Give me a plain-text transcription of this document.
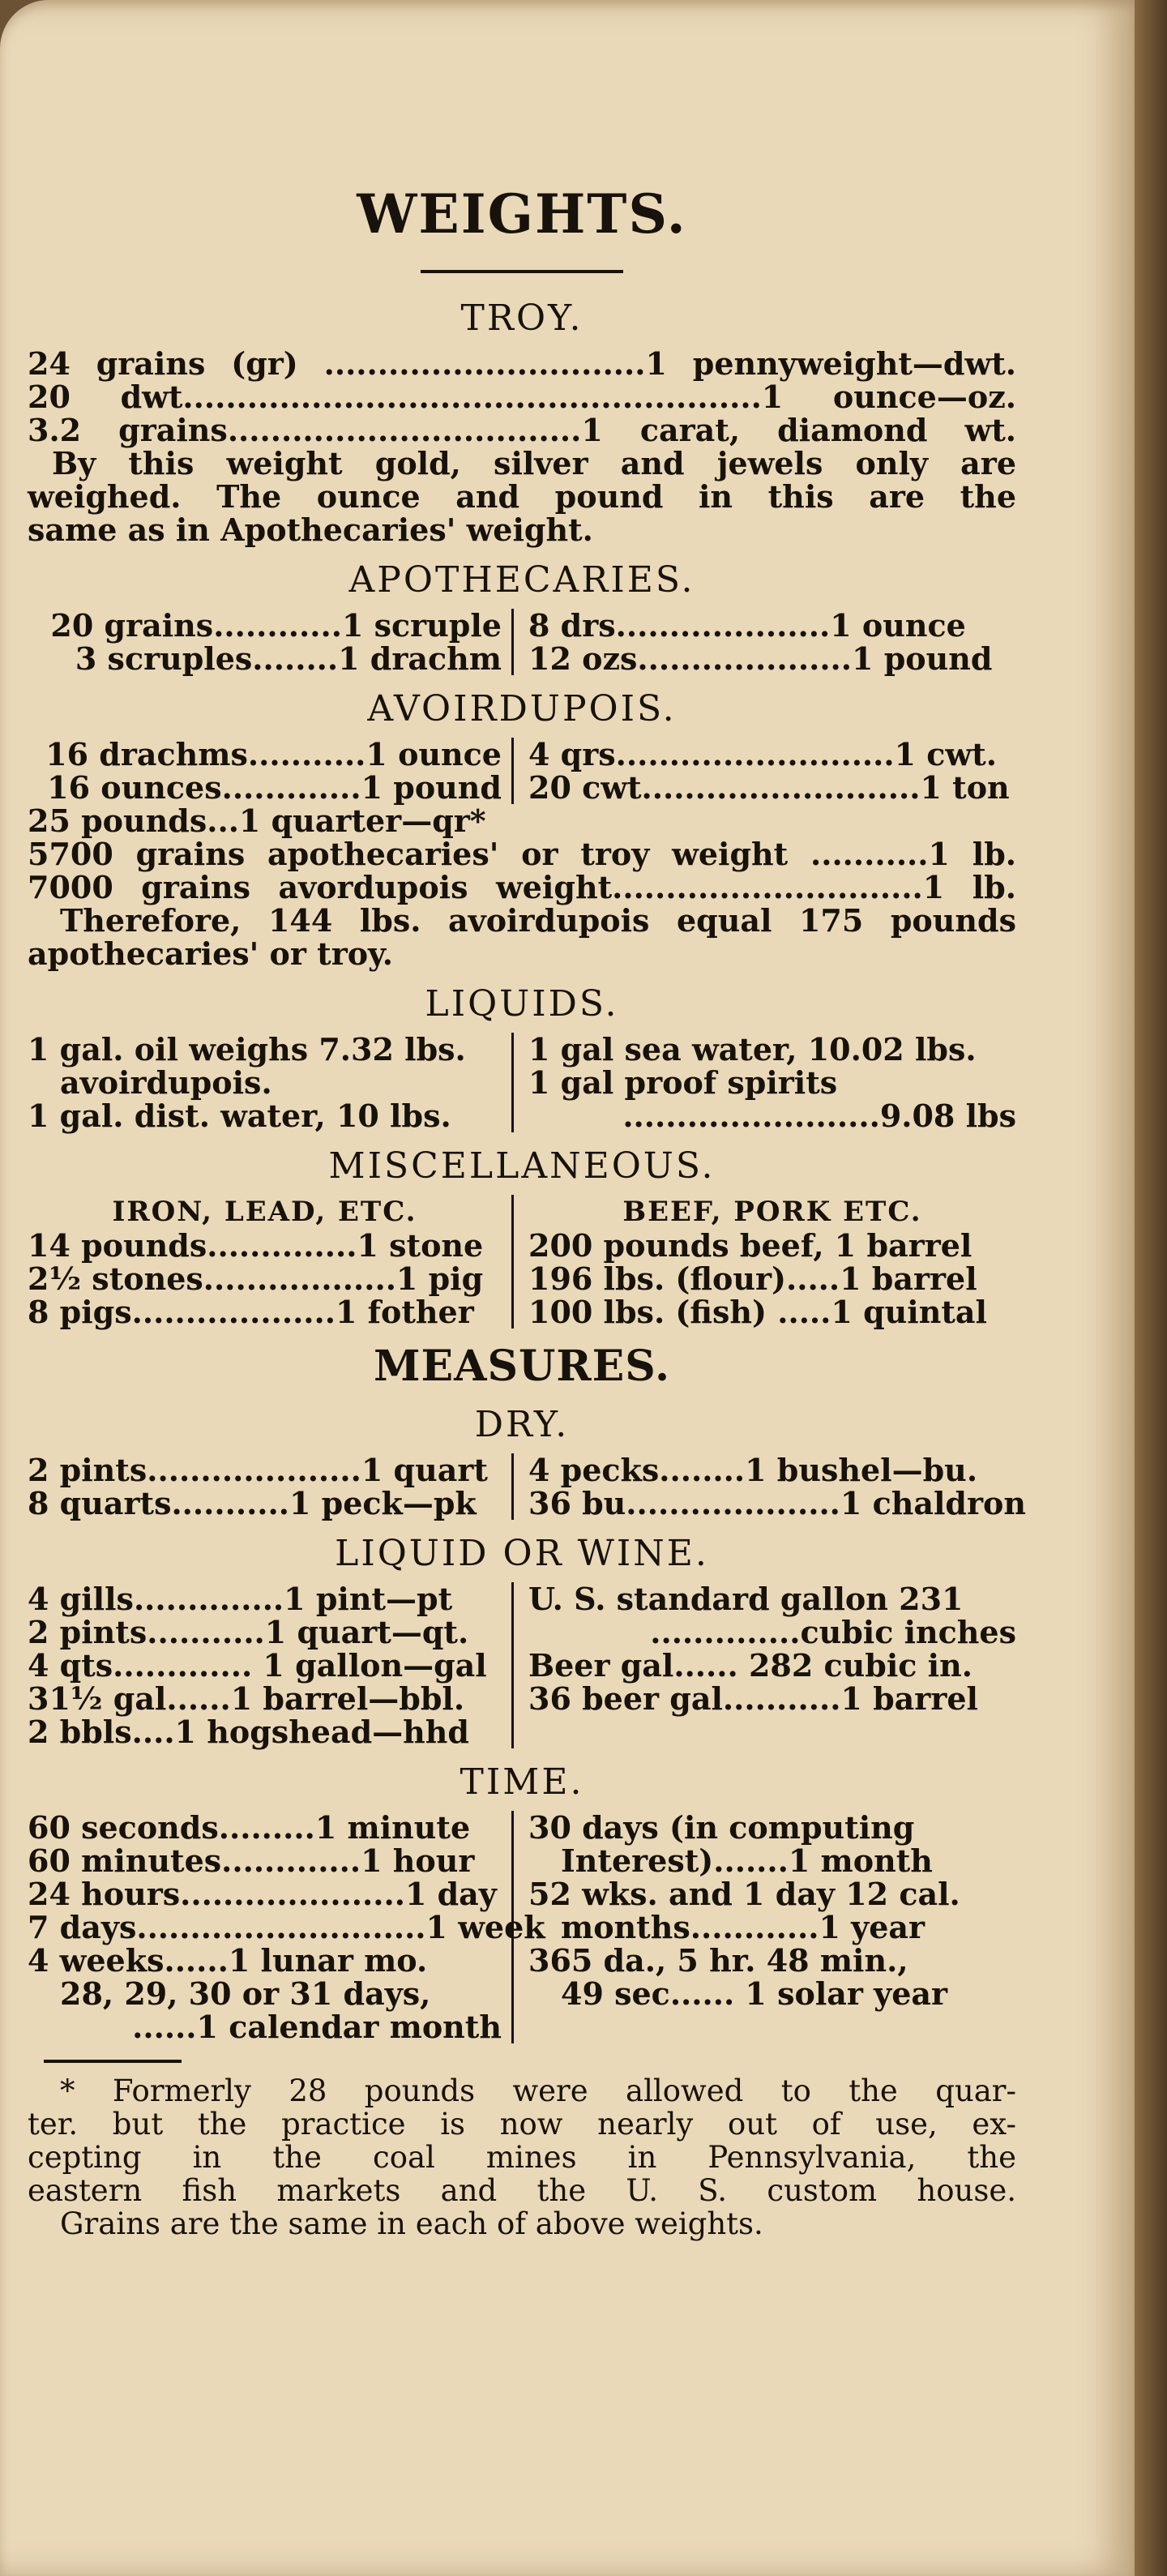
WEIGHTS.
TROY.
24 grains (gr) ..............................1 pennyweight—dwt.
20 dwt......................................................1 ounce—oz.
3.2 grains.................................1 carat, diamond wt.
By this weight gold, silver and jewels only are
weighed. The ounce and pound in this are the
same as in Apothecaries' weight.
APOTHECARIES.
20 grains............1 scruple
3 scruples........1 drachm
8 drs....................1 ounce
12 ozs....................1 pound
AVOIRDUPOIS.
16 drachms...........1 ounce
16 ounces.............1 pound
4 qrs..........................1 cwt.
20 cwt..........................1 ton
25 pounds...1 quarter—qr*
5700 grains apothecaries' or troy weight ...........1 lb.
7000 grains avordupois weight.............................1 lb.
Therefore, 144 lbs. avoirdupois equal 175 pounds
apothecaries' or troy.
LIQUIDS.
1 gal. oil weighs 7.32 lbs.
avoirdupois.
1 gal. dist. water, 10 lbs.
1 gal sea water, 10.02 lbs.
1 gal proof spirits
........................9.08 lbs
MISCELLANEOUS.
IRON, LEAD, ETC.
14 pounds..............1 stone
2½ stones..................1 pig
8 pigs...................1 fother
BEEF, PORK ETC.
200 pounds beef, 1 barrel
196 lbs. (flour).....1 barrel
100 lbs. (fish) .....1 quintal
MEASURES.
DRY.
2 pints....................1 quart
8 quarts...........1 peck—pk
4 pecks........1 bushel—bu.
36 bu....................1 chaldron
LIQUID OR WINE.
4 gills..............1 pint—pt
2 pints...........1 quart—qt.
4 qts............. 1 gallon—gal
31½ gal......1 barrel—bbl.
2 bbls....1 hogshead—hhd
U. S. standard gallon 231
..............cubic inches
Beer gal...... 282 cubic in.
36 beer gal...........1 barrel
TIME.
60 seconds.........1 minute
60 minutes.............1 hour
24 hours.....................1 day
7 days...........................1 week
4 weeks......1 lunar mo.
28, 29, 30 or 31 days,
......1 calendar month
30 days (in computing
Interest).......1 month
52 wks. and 1 day 12 cal.
months............1 year
365 da., 5 hr. 48 min.,
49 sec...... 1 solar year
* Formerly 28 pounds were allowed to the quar-
ter. but the practice is now nearly out of use, ex-
cepting in the coal mines in Pennsylvania, the
eastern fish markets and the U. S. custom house.
Grains are the same in each of above weights.
